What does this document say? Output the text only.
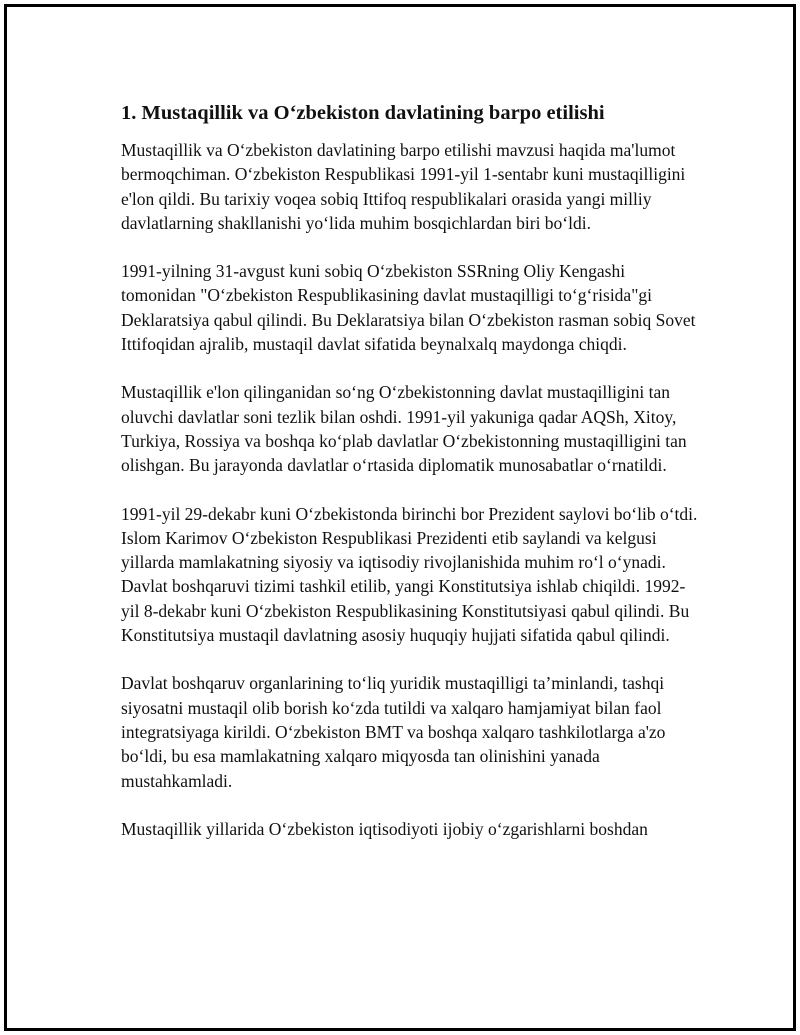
1. Mustaqillik va O‘zbekiston davlatining barpo etilishi

Mustaqillik va O‘zbekiston davlatining barpo etilishi mavzusi haqida ma'lumot bermoqchiman. O‘zbekiston Respublikasi 1991-yil 1-sentabr kuni mustaqilligini e'lon qildi. Bu tarixiy voqea sobiq Ittifoq respublikalari orasida yangi milliy davlatlarning shakllanishi yo‘lida muhim bosqichlardan biri bo‘ldi.

1991-yilning 31-avgust kuni sobiq O‘zbekiston SSRning Oliy Kengashi tomonidan "O‘zbekiston Respublikasining davlat mustaqilligi to‘g‘risida"gi Deklaratsiya qabul qilindi. Bu Deklaratsiya bilan O‘zbekiston rasman sobiq Sovet Ittifoqidan ajralib, mustaqil davlat sifatida beynalxalq maydonga chiqdi.

Mustaqillik e'lon qilinganidan so‘ng O‘zbekistonning davlat mustaqilligini tan oluvchi davlatlar soni tezlik bilan oshdi. 1991-yil yakuniga qadar AQSh, Xitoy, Turkiya, Rossiya va boshqa ko‘plab davlatlar O‘zbekistonning mustaqilligini tan olishgan. Bu jarayonda davlatlar o‘rtasida diplomatik munosabatlar o‘rnatildi.

1991-yil 29-dekabr kuni O‘zbekistonda birinchi bor Prezident saylovi bo‘lib o‘tdi. Islom Karimov O‘zbekiston Respublikasi Prezidenti etib saylandi va kelgusi yillarda mamlakatning siyosiy va iqtisodiy rivojlanishida muhim ro‘l o‘ynadi. Davlat boshqaruvi tizimi tashkil etilib, yangi Konstitutsiya ishlab chiqildi. 1992-yil 8-dekabr kuni O‘zbekiston Respublikasining Konstitutsiyasi qabul qilindi. Bu Konstitutsiya mustaqil davlatning asosiy huquqiy hujjati sifatida qabul qilindi.

Davlat boshqaruv organlarining to‘liq yuridik mustaqilligi ta’minlandi, tashqi siyosatni mustaqil olib borish ko‘zda tutildi va xalqaro hamjamiyat bilan faol integratsiyaga kirildi. O‘zbekiston BMT va boshqa xalqaro tashkilotlarga a'zo bo‘ldi, bu esa mamlakatning xalqaro miqyosda tan olinishini yanada mustahkamladi.

Mustaqillik yillarida O‘zbekiston iqtisodiyoti ijobiy o‘zgarishlarni boshdan
